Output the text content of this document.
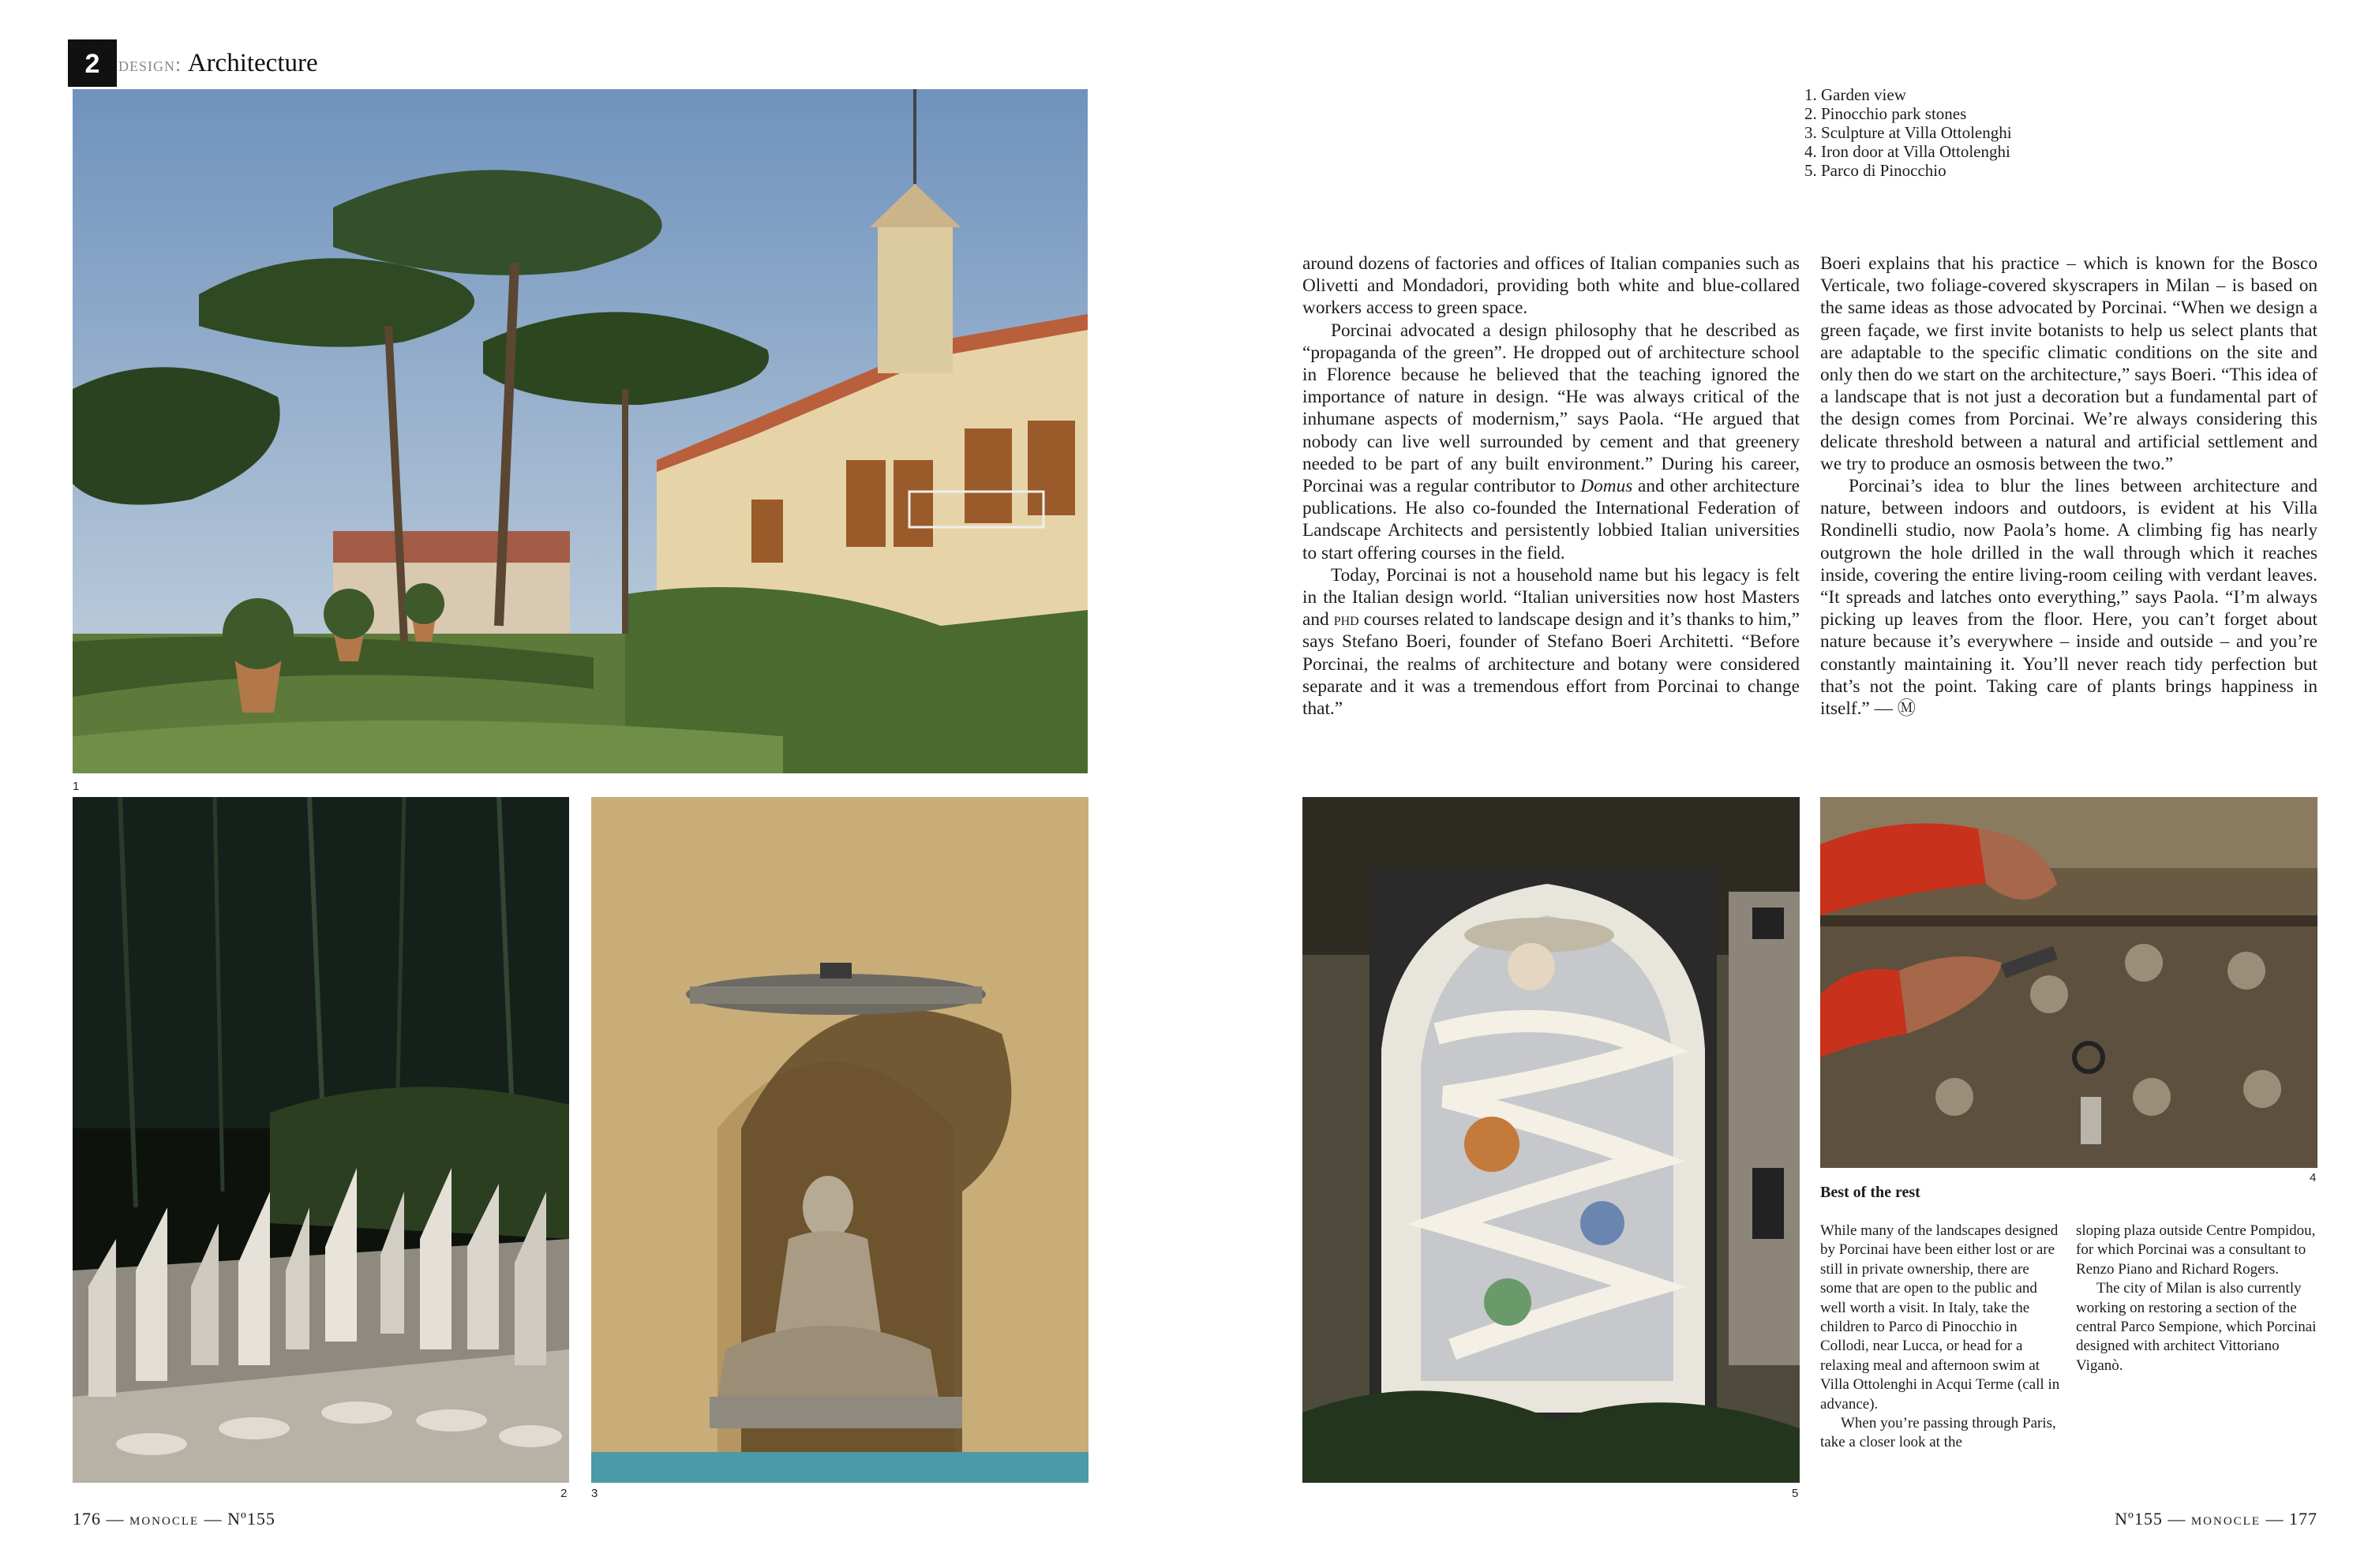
2 design: Architecture
1
2 3
1. Garden view
2. Pinocchio park stones
3. Sculpture at Villa Ottolenghi
4. Iron door at Villa Ottolenghi
5. Parco di Pinocchio

around dozens of factories and offices of Italian companies such as Olivetti and Mondadori, providing both white and blue-collared workers access to green space.

Porcinai advocated a design philosophy that he described as “propaganda of the green”. He dropped out of architecture school in Florence because he believed that the teaching ignored the importance of nature in design. “He was always critical of the inhumane aspects of modernism,” says Paola. “He argued that nobody can live well surrounded by cement and that greenery needed to be part of any built environment.” During his career, Porcinai was a regular contributor to Domus and other architecture publications. He also co-founded the International Federation of Landscape Architects and persistently lobbied Italian universities to start offering courses in the field.

Today, Porcinai is not a household name but his legacy is felt in the Italian design world. “Italian universities now host Masters and phd courses related to landscape design and it’s thanks to him,” says Stefano Boeri, founder of Stefano Boeri Architetti. “Before Porcinai, the realms of architecture and botany were considered separate and it was a tremendous effort from Porcinai to change that.”

Boeri explains that his practice – which is known for the Bosco Verticale, two foliage-covered skyscrapers in Milan – is based on the same ideas as those advocated by Porcinai. “When we design a green façade, we first invite botanists to help us select plants that are adaptable to the specific climatic conditions on the site and only then do we start on the architecture,” says Boeri. “This idea of a landscape that is not just a decoration but a fundamental part of the design comes from Porcinai. We’re always considering this delicate threshold between a natural and artificial settlement and we try to produce an osmosis between the two.”

Porcinai’s idea to blur the lines between architecture and nature, between indoors and outdoors, is evident at his Villa Rondinelli studio, now Paola’s home. A climbing fig has nearly outgrown the hole drilled in the wall through which it reaches inside, covering the entire living-room ceiling with verdant leaves. “It spreads and latches onto everything,” says Paola. “I’m always picking up leaves from the floor. Here, you can’t forget about nature because it’s everywhere – inside and outside – and you’re constantly maintaining it. You’ll never reach tidy perfection but that’s not the point. Taking care of plants brings happiness in itself.” — Ⓜ

5
4
Best of the rest

While many of the landscapes designed by Porcinai have been either lost or are still in private ownership, there are some that are open to the public and well worth a visit. In Italy, take the children to Parco di Pinocchio in Collodi, near Lucca, or head for a relaxing meal and afternoon swim at Villa Ottolenghi in Acqui Terme (call in advance).

When you’re passing through Paris, take a closer look at the

sloping plaza outside Centre Pompidou, for which Porcinai was a consultant to Renzo Piano and Richard Rogers.

The city of Milan is also currently working on restoring a section of the central Parco Sempione, which Porcinai designed with architect Vittoriano Viganò.

176 — monocle — Nº155	Nº155 — monocle — 177
